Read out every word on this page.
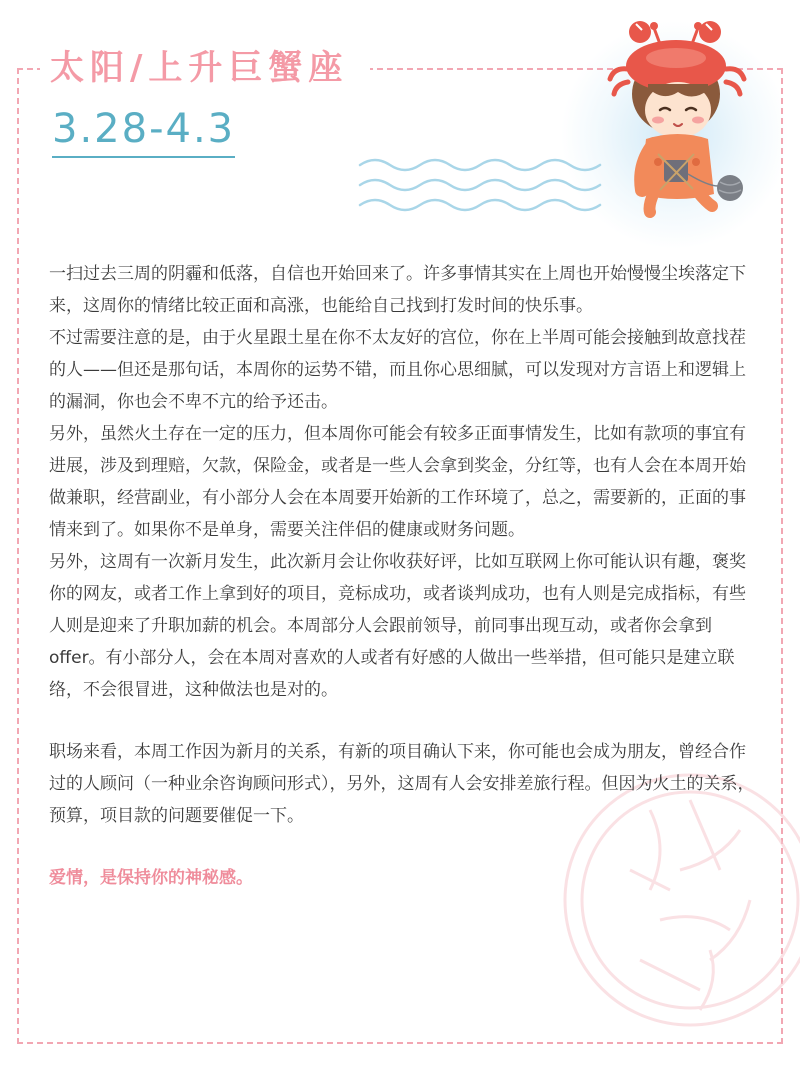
太阳/上升巨蟹座
3.28-4.3

一扫过去三周的阴霾和低落，自信也开始回来了。许多事情其实在上周也开始慢慢尘埃落定下来，这周你的情绪比较正面和高涨，也能给自己找到打发时间的快乐事。

不过需要注意的是，由于火星跟土星在你不太友好的宫位，你在上半周可能会接触到故意找茬的人——但还是那句话，本周你的运势不错，而且你心思细腻，可以发现对方言语上和逻辑上的漏洞，你也会不卑不亢的给予还击。

另外，虽然火土存在一定的压力，但本周你可能会有较多正面事情发生，比如有款项的事宜有进展，涉及到理赔，欠款，保险金，或者是一些人会拿到奖金，分红等，也有人会在本周开始做兼职，经营副业，有小部分人会在本周要开始新的工作环境了，总之，需要新的，正面的事情来到了。如果你不是单身，需要关注伴侣的健康或财务问题。

另外，这周有一次新月发生，此次新月会让你收获好评，比如互联网上你可能认识有趣，褒奖你的网友，或者工作上拿到好的项目，竞标成功，或者谈判成功，也有人则是完成指标，有些人则是迎来了升职加薪的机会。本周部分人会跟前领导，前同事出现互动，或者你会拿到offer。有小部分人，会在本周对喜欢的人或者有好感的人做出一些举措，但可能只是建立联络，不会很冒进，这种做法也是对的。

职场来看，本周工作因为新月的关系，有新的项目确认下来，你可能也会成为朋友，曾经合作过的人顾问（一种业余咨询顾问形式），另外，这周有人会安排差旅行程。但因为火土的关系，预算，项目款的问题要催促一下。

爱情，是保持你的神秘感。
